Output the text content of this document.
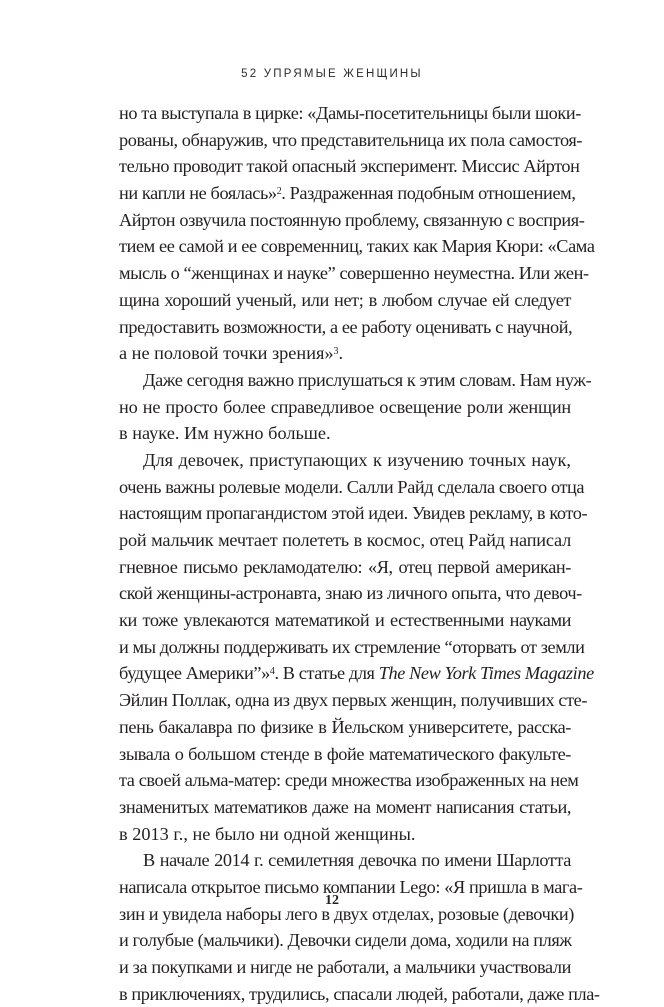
52 УПРЯМЫЕ ЖЕНЩИНЫ
но та выступала в цирке: «Дамы-посетительницы были шоки-
рованы, обнаружив, что представительница их пола самостоя-
тельно проводит такой опасный эксперимент. Миссис Айртон
ни капли не боялась»$^2$. Раздраженная подобным отношением,
Айртон озвучила постоянную проблему, связанную с восприя-
тием ее самой и ее современниц, таких как Мария Кюри: «Сама
мысль о “женщинах и науке” совершенно неуместна. Или жен-
щина хороший ученый, или нет; в любом случае ей следует
предоставить возможности, а ее работу оценивать с научной,
а не половой точки зрения»$^3$.
Даже сегодня важно прислушаться к этим словам. Нам нуж-
но не просто более справедливое освещение роли женщин
в науке. Им нужно больше.
Для девочек, приступающих к изучению точных наук,
очень важны ролевые модели. Салли Райд сделала своего отца
настоящим пропагандистом этой идеи. Увидев рекламу, в кото-
рой мальчик мечтает полететь в космос, отец Райд написал
гневное письмо рекламодателю: «Я, отец первой американ-
ской женщины-астронавта, знаю из личного опыта, что девоч-
ки тоже увлекаются математикой и естественными науками
и мы должны поддерживать их стремление “оторвать от земли
будущее Америки”»$^4$. В статье для The New York Times Magazine
Эйлин Поллак, одна из двух первых женщин, получивших сте-
пень бакалавра по физике в Йельском университете, расска-
зывала о большом стенде в фойе математического факульте-
та своей альма-матер: среди множества изображенных на нем
знаменитых математиков даже на момент написания статьи,
в 2013 г., не было ни одной женщины.
В начале 2014 г. семилетняя девочка по имени Шарлотта
написала открытое письмо компании Lego: «Я пришла в мага-
зин и увидела наборы лего в двух отделах, розовые (девочки)
и голубые (мальчики). Девочки сидели дома, ходили на пляж
и за покупками и нигде не работали, а мальчики участвовали
в приключениях, трудились, спасали людей, работали, даже пла-
12
